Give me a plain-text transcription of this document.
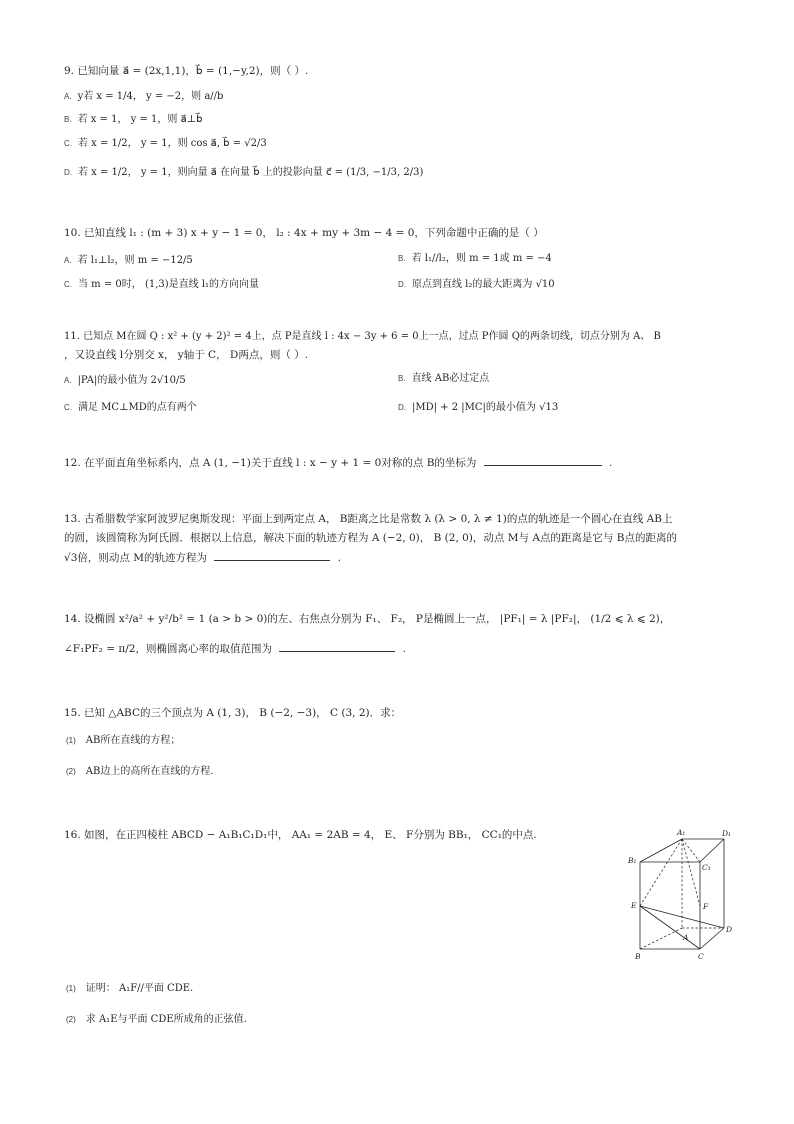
9. 已知向量 a⃗ = (2x,1,1)，b⃗ = (1,−y,2)，则（ ）.
$^{A.}$ y若 x = 1/4， y = −2，则 a//b
$^{B.}$ 若 x = 1， y = 1，则 a⃗⊥b⃗
$^{C.}$ 若 x = 1/2， y = 1，则 cos a⃗, b⃗ = √2/3
$^{D.}$ 若 x = 1/2， y = 1，则向量 a⃗ 在向量 b⃗ 上的投影向量 c⃗ = (1/3, −1/3, 2/3)
10. 已知直线 l₁ : (m + 3) x + y − 1 = 0， l₂ : 4x + my + 3m − 4 = 0，下列命题中正确的是（ ）
$^{A.}$ 若 l₁⊥l₂，则 m = −12/5	$^{B.}$ 若 l₁//l₂，则 m = 1或 m = −4
$^{C.}$ 当 m = 0时， (1,3)是直线 l₁的方向向量	$^{D.}$ 原点到直线 l₂的最大距离为 √10
11. 已知点 M在圆 Q : x² + (y + 2)² = 4上，点 P是直线 l : 4x − 3y + 6 = 0上一点，过点 P作圆 Q的两条切线，切点分别为 A、 B
，又设直线 l分别交 x， y轴于 C， D两点，则（ ）.
$^{A.}$ |PA|的最小值为 2√10/5	$^{B.}$ 直线 AB必过定点
$^{C.}$ 满足 MC⊥MD的点有两个	$^{D.}$ |MD| + 2 |MC|的最小值为 √13
12. 在平面直角坐标系内，点 A (1, −1)关于直线 l : x − y + 1 = 0对称的点 B的坐标为	.
13. 古希腊数学家阿波罗尼奥斯发现：平面上到两定点 A， B距离之比是常数 λ (λ > 0, λ ≠ 1)的点的轨迹是一个圆心在直线 AB上
的圆，该圆简称为阿氏圆．根据以上信息，解决下面的轨迹方程为 A (−2, 0)， B (2, 0)，动点 M与 A点的距离是它与 B点的距离的
√3倍，则动点 M的轨迹方程为	.
14. 设椭圆 x²/a² + y²/b² = 1 (a > b > 0)的左、右焦点分别为 F₁、 F₂， P是椭圆上一点， |PF₁| = λ |PF₂|， (1/2 ⩽ λ ⩽ 2)，
∠F₁PF₂ = π/2，则椭圆离心率的取值范围为	.
15. 已知 △ABC的三个顶点为 A (1, 3)， B (−2, −3)， C (3, 2)．求：
$^{(1)}$ AB所在直线的方程；
$^{(2)}$ AB边上的高所在直线的方程.
16. 如图，在正四棱柱 ABCD − A₁B₁C₁D₁中， AA₁ = 2AB = 4， E、 F分别为 BB₁， CC₁的中点.	A₁	D₁
B₁
C₁
E	F
A
D
B	C
$^{(1)}$ 证明： A₁F//平面 CDE.
$^{(2)}$ 求 A₁E与平面 CDE所成角的正弦值.
